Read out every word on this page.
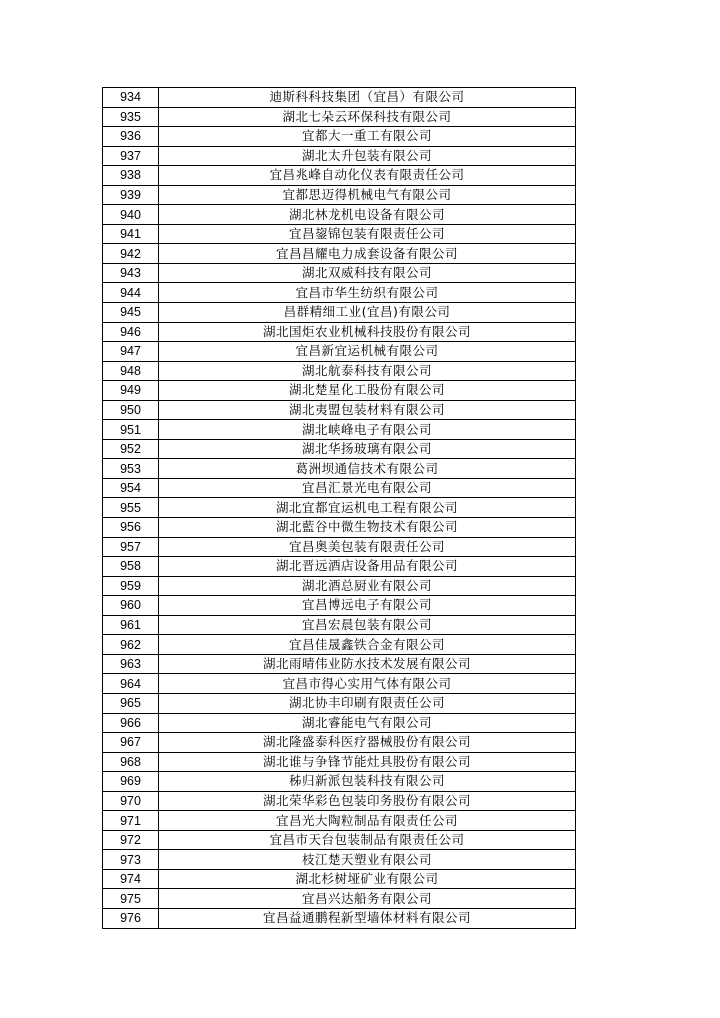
934	迪斯科科技集团（宜昌）有限公司
935	湖北七朵云环保科技有限公司
936	宜都大一重工有限公司
937	湖北太升包装有限公司
938	宜昌兆峰自动化仪表有限责任公司
939	宜都思迈得机械电气有限公司
940	湖北林龙机电设备有限公司
941	宜昌鋆锦包装有限责任公司
942	宜昌昌耀电力成套设备有限公司
943	湖北双威科技有限公司
944	宜昌市华生纺织有限公司
945	昌群精细工业(宜昌)有限公司
946	湖北国炬农业机械科技股份有限公司
947	宜昌新宜运机械有限公司
948	湖北航泰科技有限公司
949	湖北楚星化工股份有限公司
950	湖北夷盟包装材料有限公司
951	湖北峡峰电子有限公司
952	湖北华扬玻璃有限公司
953	葛洲坝通信技术有限公司
954	宜昌汇景光电有限公司
955	湖北宜都宜运机电工程有限公司
956	湖北藍谷中微生物技术有限公司
957	宜昌奥美包装有限责任公司
958	湖北晋远酒店设备用品有限公司
959	湖北酒总厨业有限公司
960	宜昌博远电子有限公司
961	宜昌宏晨包装有限公司
962	宜昌佳晟鑫铁合金有限公司
963	湖北雨晴伟业防水技术发展有限公司
964	宜昌市得心实用气体有限公司
965	湖北协丰印刷有限责任公司
966	湖北睿能电气有限公司
967	湖北隆盛泰科医疗器械股份有限公司
968	湖北谁与争锋节能灶具股份有限公司
969	秭归新派包装科技有限公司
970	湖北荣华彩色包装印务股份有限公司
971	宜昌光大陶粒制品有限责任公司
972	宜昌市天台包装制品有限责任公司
973	枝江楚天塑业有限公司
974	湖北杉树垭矿业有限公司
975	宜昌兴达船务有限公司
976	宜昌益通鹏程新型墙体材料有限公司
